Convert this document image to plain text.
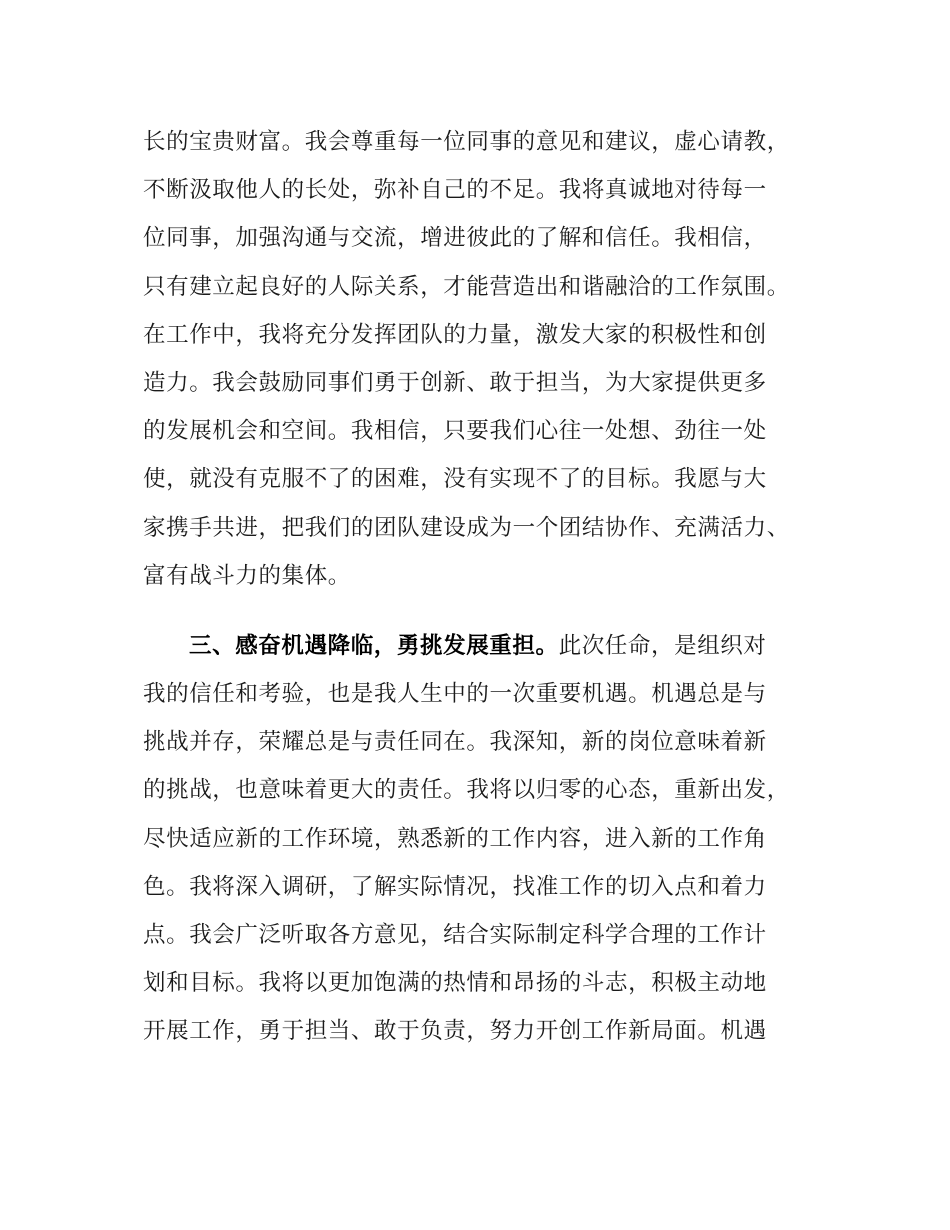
长的宝贵财富。我会尊重每一位同事的意见和建议，虚心请教，
不断汲取他人的长处，弥补自己的不足。我将真诚地对待每一
位同事，加强沟通与交流，增进彼此的了解和信任。我相信，
只有建立起良好的人际关系，才能营造出和谐融洽的工作氛围。
在工作中，我将充分发挥团队的力量，激发大家的积极性和创
造力。我会鼓励同事们勇于创新、敢于担当，为大家提供更多
的发展机会和空间。我相信，只要我们心往一处想、劲往一处
使，就没有克服不了的困难，没有实现不了的目标。我愿与大
家携手共进，把我们的团队建设成为一个团结协作、充满活力、
富有战斗力的集体。
三、感奋机遇降临，勇挑发展重担。此次任命，是组织对
我的信任和考验，也是我人生中的一次重要机遇。机遇总是与
挑战并存，荣耀总是与责任同在。我深知，新的岗位意味着新
的挑战，也意味着更大的责任。我将以归零的心态，重新出发，
尽快适应新的工作环境，熟悉新的工作内容，进入新的工作角
色。我将深入调研，了解实际情况，找准工作的切入点和着力
点。我会广泛听取各方意见，结合实际制定科学合理的工作计
划和目标。我将以更加饱满的热情和昂扬的斗志，积极主动地
开展工作，勇于担当、敢于负责，努力开创工作新局面。机遇
